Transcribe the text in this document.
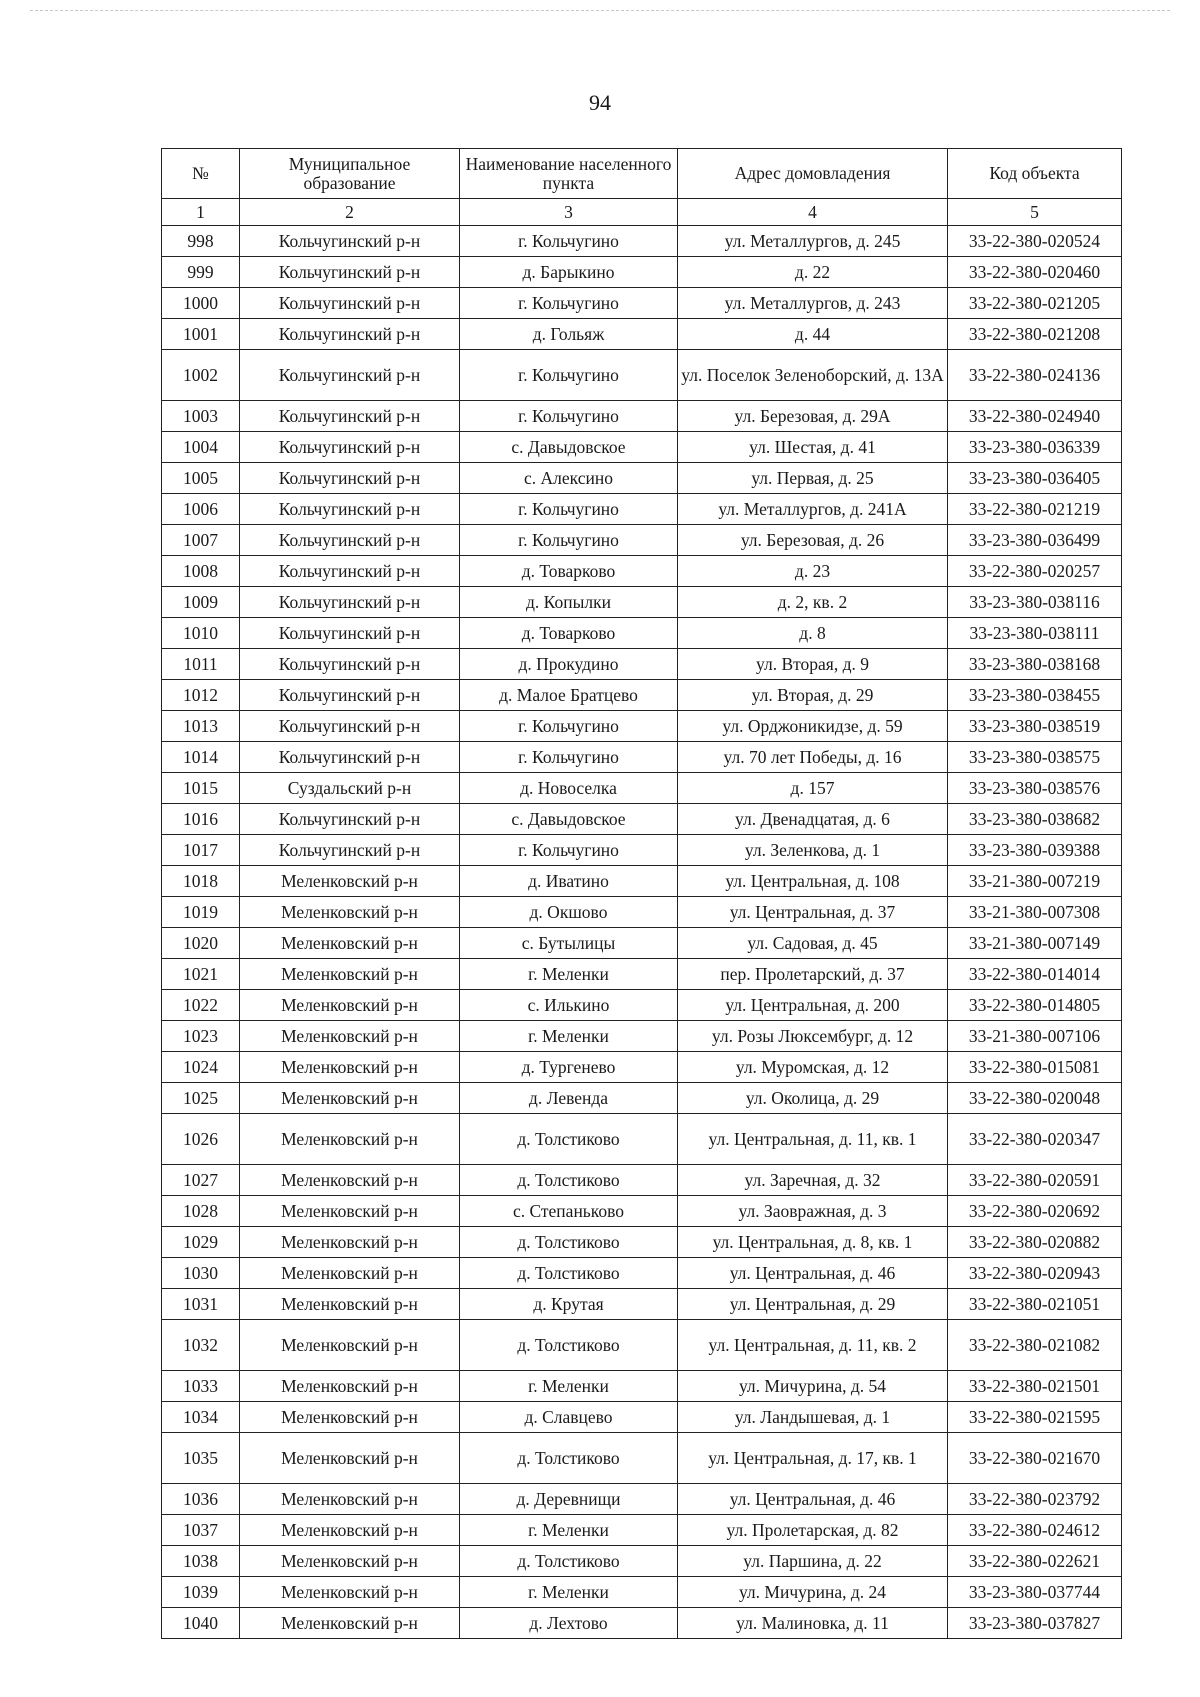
94
№	Муниципальное образование	Наименование населенного пункта	Адрес домовладения	Код объекта
1	2	3	4	5
998	Кольчугинский р-н	г. Кольчугино	ул. Металлургов, д. 245	33-22-380-020524
999	Кольчугинский р-н	д. Барыкино	д. 22	33-22-380-020460
1000	Кольчугинский р-н	г. Кольчугино	ул. Металлургов, д. 243	33-22-380-021205
1001	Кольчугинский р-н	д. Гольяж	д. 44	33-22-380-021208
1002	Кольчугинский р-н	г. Кольчугино	ул. Поселок Зеленоборский, д. 13А	33-22-380-024136
1003	Кольчугинский р-н	г. Кольчугино	ул. Березовая, д. 29А	33-22-380-024940
1004	Кольчугинский р-н	с. Давыдовское	ул. Шестая, д. 41	33-23-380-036339
1005	Кольчугинский р-н	с. Алексино	ул. Первая, д. 25	33-23-380-036405
1006	Кольчугинский р-н	г. Кольчугино	ул. Металлургов, д. 241А	33-22-380-021219
1007	Кольчугинский р-н	г. Кольчугино	ул. Березовая, д. 26	33-23-380-036499
1008	Кольчугинский р-н	д. Товарково	д. 23	33-22-380-020257
1009	Кольчугинский р-н	д. Копылки	д. 2, кв. 2	33-23-380-038116
1010	Кольчугинский р-н	д. Товарково	д. 8	33-23-380-038111
1011	Кольчугинский р-н	д. Прокудино	ул. Вторая, д. 9	33-23-380-038168
1012	Кольчугинский р-н	д. Малое Братцево	ул. Вторая, д. 29	33-23-380-038455
1013	Кольчугинский р-н	г. Кольчугино	ул. Орджоникидзе, д. 59	33-23-380-038519
1014	Кольчугинский р-н	г. Кольчугино	ул. 70 лет Победы, д. 16	33-23-380-038575
1015	Суздальский р-н	д. Новоселка	д. 157	33-23-380-038576
1016	Кольчугинский р-н	с. Давыдовское	ул. Двенадцатая, д. 6	33-23-380-038682
1017	Кольчугинский р-н	г. Кольчугино	ул. Зеленкова, д. 1	33-23-380-039388
1018	Меленковский р-н	д. Иватино	ул. Центральная, д. 108	33-21-380-007219
1019	Меленковский р-н	д. Окшово	ул. Центральная, д. 37	33-21-380-007308
1020	Меленковский р-н	с. Бутылицы	ул. Садовая, д. 45	33-21-380-007149
1021	Меленковский р-н	г. Меленки	пер. Пролетарский, д. 37	33-22-380-014014
1022	Меленковский р-н	с. Илькино	ул. Центральная, д. 200	33-22-380-014805
1023	Меленковский р-н	г. Меленки	ул. Розы Люксембург, д. 12	33-21-380-007106
1024	Меленковский р-н	д. Тургенево	ул. Муромская, д. 12	33-22-380-015081
1025	Меленковский р-н	д. Левенда	ул. Околица, д. 29	33-22-380-020048
1026	Меленковский р-н	д. Толстиково	ул. Центральная, д. 11, кв. 1	33-22-380-020347
1027	Меленковский р-н	д. Толстиково	ул. Заречная, д. 32	33-22-380-020591
1028	Меленковский р-н	с. Степаньково	ул. Заовражная, д. 3	33-22-380-020692
1029	Меленковский р-н	д. Толстиково	ул. Центральная, д. 8, кв. 1	33-22-380-020882
1030	Меленковский р-н	д. Толстиково	ул. Центральная, д. 46	33-22-380-020943
1031	Меленковский р-н	д. Крутая	ул. Центральная, д. 29	33-22-380-021051
1032	Меленковский р-н	д. Толстиково	ул. Центральная, д. 11, кв. 2	33-22-380-021082
1033	Меленковский р-н	г. Меленки	ул. Мичурина, д. 54	33-22-380-021501
1034	Меленковский р-н	д. Славцево	ул. Ландышевая, д. 1	33-22-380-021595
1035	Меленковский р-н	д. Толстиково	ул. Центральная, д. 17, кв. 1	33-22-380-021670
1036	Меленковский р-н	д. Деревнищи	ул. Центральная, д. 46	33-22-380-023792
1037	Меленковский р-н	г. Меленки	ул. Пролетарская, д. 82	33-22-380-024612
1038	Меленковский р-н	д. Толстиково	ул. Паршина, д. 22	33-22-380-022621
1039	Меленковский р-н	г. Меленки	ул. Мичурина, д. 24	33-23-380-037744
1040	Меленковский р-н	д. Лехтово	ул. Малиновка, д. 11	33-23-380-037827
